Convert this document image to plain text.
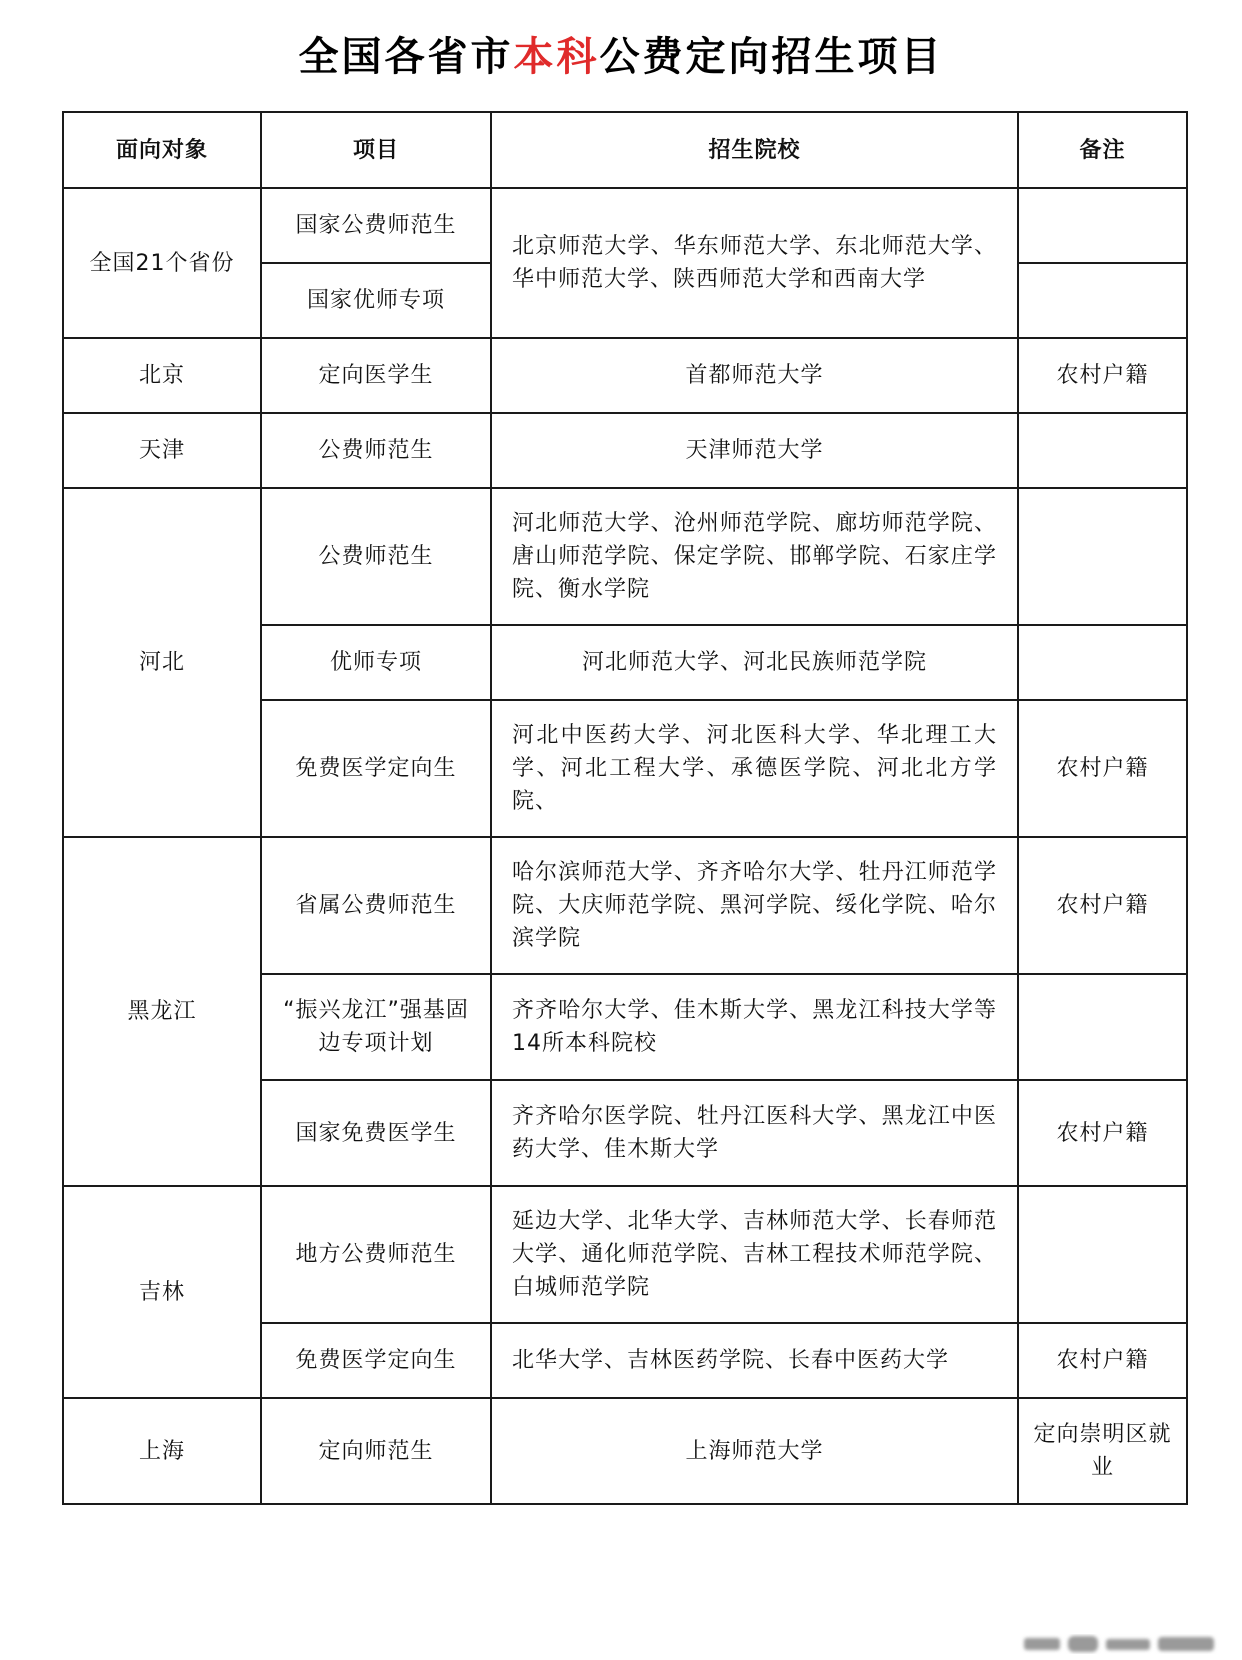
全国各省市本科公费定向招生项目
面向对象	项目	招生院校	备注
全国21个省份	国家公费师范生	北京师范大学、华东师范大学、东北师范大学、华中师范大学、陕西师范大学和西南大学	
	国家优师专项		
北京	定向医学生	首都师范大学	农村户籍
天津	公费师范生	天津师范大学	
河北	公费师范生	河北师范大学、沧州师范学院、廊坊师范学院、唐山师范学院、保定学院、邯郸学院、石家庄学院、衡水学院	
	优师专项	河北师范大学、河北民族师范学院	
	免费医学定向生	河北中医药大学、河北医科大学、华北理工大学、河北工程大学、承德医学院、河北北方学院、	农村户籍
黑龙江	省属公费师范生	哈尔滨师范大学、齐齐哈尔大学、牡丹江师范学院、大庆师范学院、黑河学院、绥化学院、哈尔滨学院	农村户籍
	“振兴龙江”强基固边专项计划	齐齐哈尔大学、佳木斯大学、黑龙江科技大学等14所本科院校	
	国家免费医学生	齐齐哈尔医学院、牡丹江医科大学、黑龙江中医药大学、佳木斯大学	农村户籍
吉林	地方公费师范生	延边大学、北华大学、吉林师范大学、长春师范大学、通化师范学院、吉林工程技术师范学院、白城师范学院	
	免费医学定向生	北华大学、吉林医药学院、长春中医药大学	农村户籍
上海	定向师范生	上海师范大学	定向崇明区就业
